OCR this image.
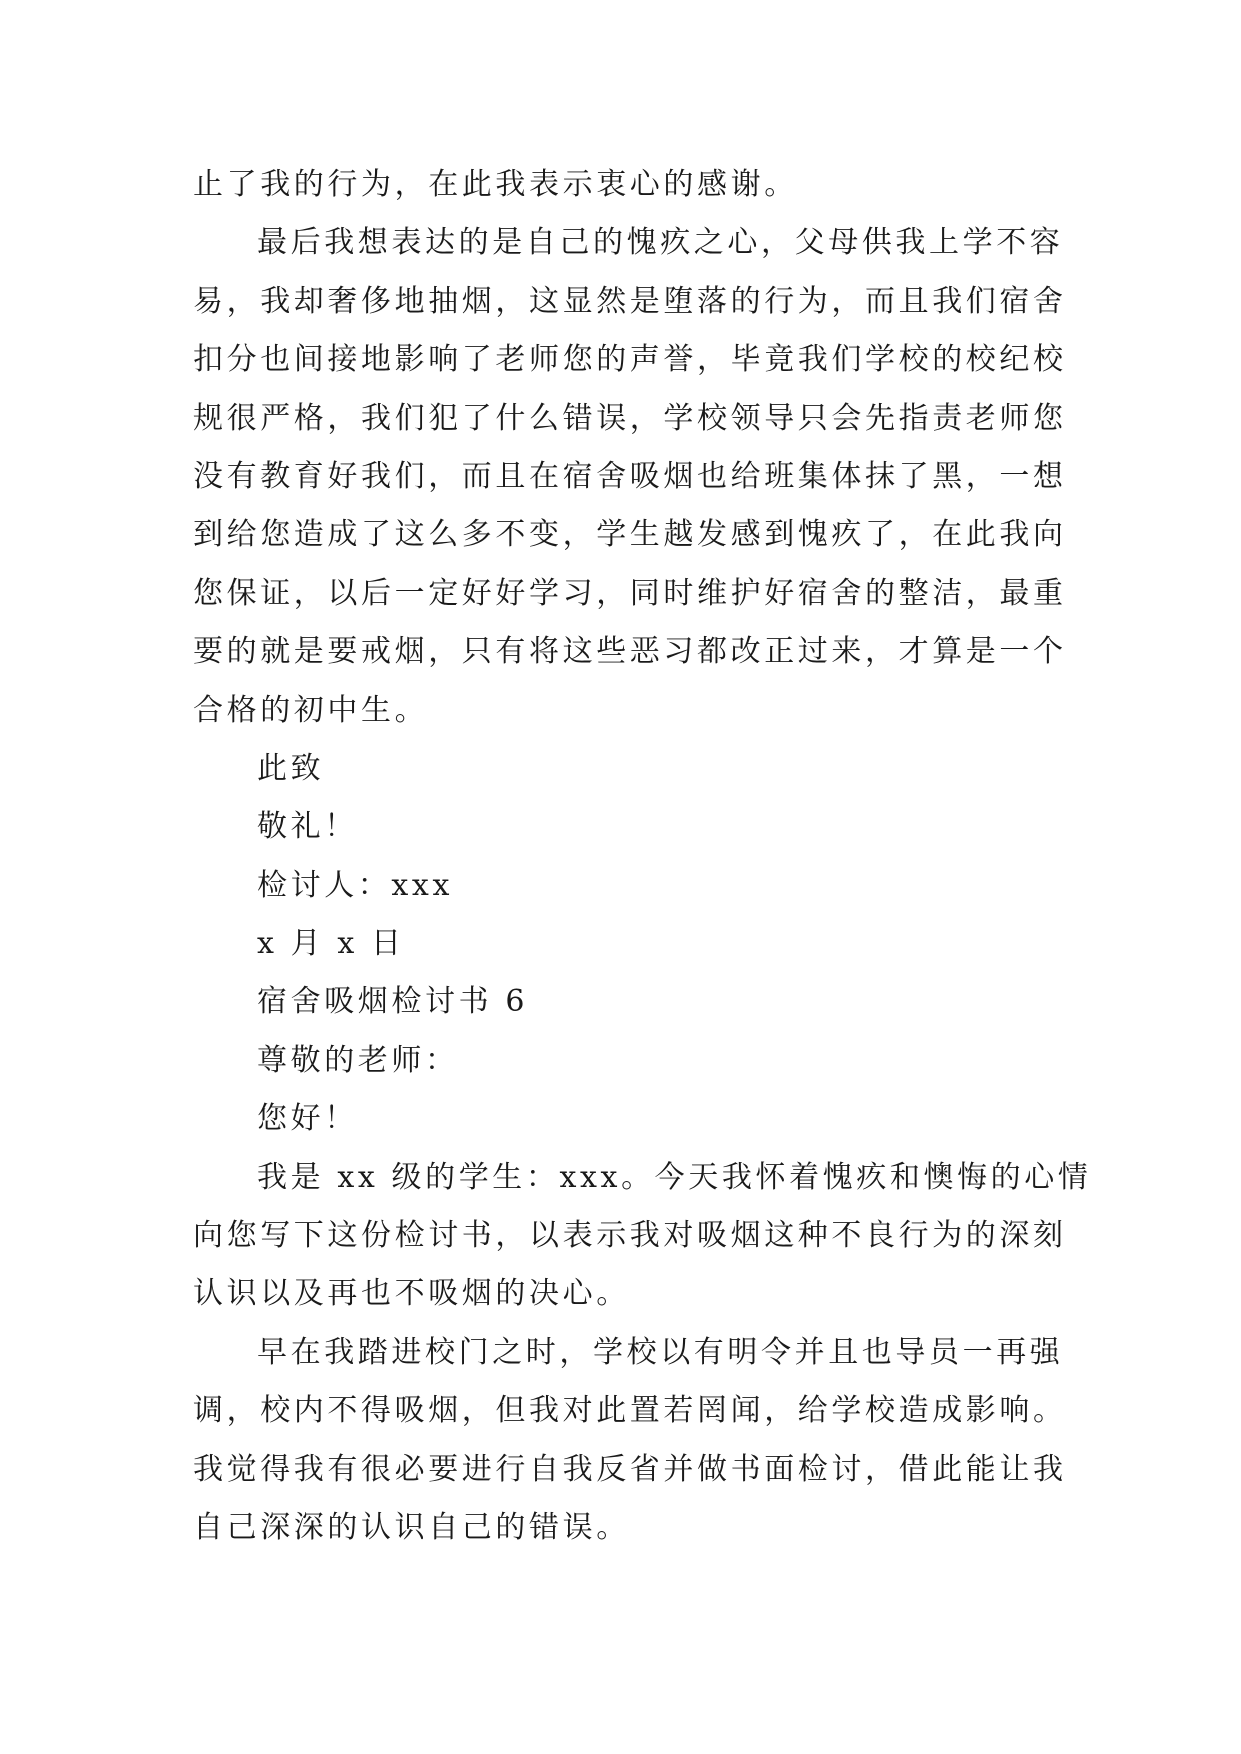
止了我的行为，在此我表示衷心的感谢。
最后我想表达的是自己的愧疚之心，父母供我上学不容
易，我却奢侈地抽烟，这显然是堕落的行为，而且我们宿舍
扣分也间接地影响了老师您的声誉，毕竟我们学校的校纪校
规很严格，我们犯了什么错误，学校领导只会先指责老师您
没有教育好我们，而且在宿舍吸烟也给班集体抹了黑，一想
到给您造成了这么多不变，学生越发感到愧疚了，在此我向
您保证，以后一定好好学习，同时维护好宿舍的整洁，最重
要的就是要戒烟，只有将这些恶习都改正过来，才算是一个
合格的初中生。
此致
敬礼！
检讨人：xxx
x 月 x 日
宿舍吸烟检讨书 6
尊敬的老师：
您好！
我是 xx 级的学生：xxx。今天我怀着愧疚和懊悔的心情
向您写下这份检讨书，以表示我对吸烟这种不良行为的深刻
认识以及再也不吸烟的决心。
早在我踏进校门之时，学校以有明令并且也导员一再强
调，校内不得吸烟，但我对此置若罔闻，给学校造成影响。
我觉得我有很必要进行自我反省并做书面检讨，借此能让我
自己深深的认识自己的错误。
